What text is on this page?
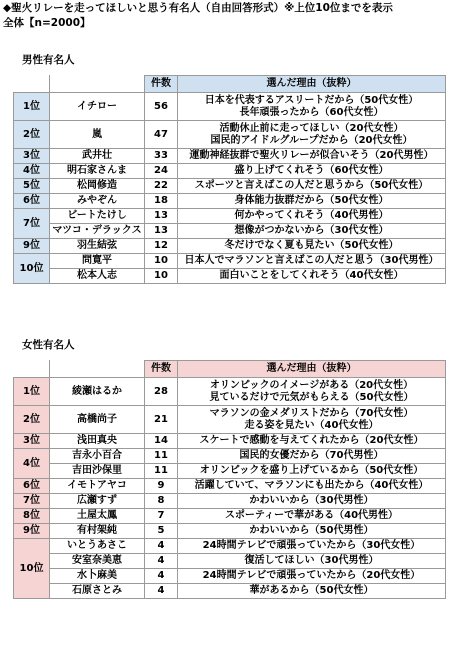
◆聖火リレーを走ってほしいと思う有名人（自由回答形式）※上位10位までを表示
全体【n=2000】
男性有名人
		件数	選んだ理由（抜粋）
1位	イチロー	56	日本を代表するアスリートだから（50代女性）
長年頑張ったから（60代女性）

2位	嵐	47	活動休止前に走ってほしい（20代女性）
国民的アイドルグループだから（20代女性）

3位	武井壮	33	運動神経抜群で聖火リレーが似合いそう（20代男性）

4位	明石家さんま	24	盛り上げてくれそう（60代女性）

5位	松岡修造	22	スポーツと言えばこの人だと思うから（50代女性）

6位	みやぞん	18	身体能力抜群だから（50代女性）

7位	ビートたけし	13	何かやってくれそう（40代男性）

	マツコ・デラックス	13	想像がつかないから（30代女性）

9位	羽生結弦	12	冬だけでなく夏も見たい（50代女性）

10位	問寛平	10	日本人でマラソンと言えばこの人だと思う（30代男性）

	松本人志	10	面白いことをしてくれそう（40代女性）
女性有名人
		件数	選んだ理由（抜粋）
1位	綾瀬はるか	28	オリンピックのイメージがある（20代女性）
見ているだけで元気がもらえる（50代女性）

2位	高橋尚子	21	マラソンの金メダリストだから（70代女性）
走る姿を見たい（40代女性）

3位	浅田真央	14	スケートで感動を与えてくれたから（20代女性）

4位	吉永小百合	11	国民的女優だから（70代男性）

	吉田沙保里	11	オリンピックを盛り上げているから（50代女性）

6位	イモトアヤコ	9	活躍していて、マラソンにも出たから（40代女性）

7位	広瀬すず	8	かわいいから（30代男性）

8位	土屋太鳳	7	スポーティーで華がある（40代男性）

9位	有村架純	5	かわいいから（50代男性）

10位	いとうあさこ	4	24時間テレビで頑張っていたから（30代女性）

	安室奈美恵	4	復活してほしい（30代男性）

	水卜麻美	4	24時間テレビで頑張っていたから（20代女性）

	石原さとみ	4	華があるから（50代女性）
